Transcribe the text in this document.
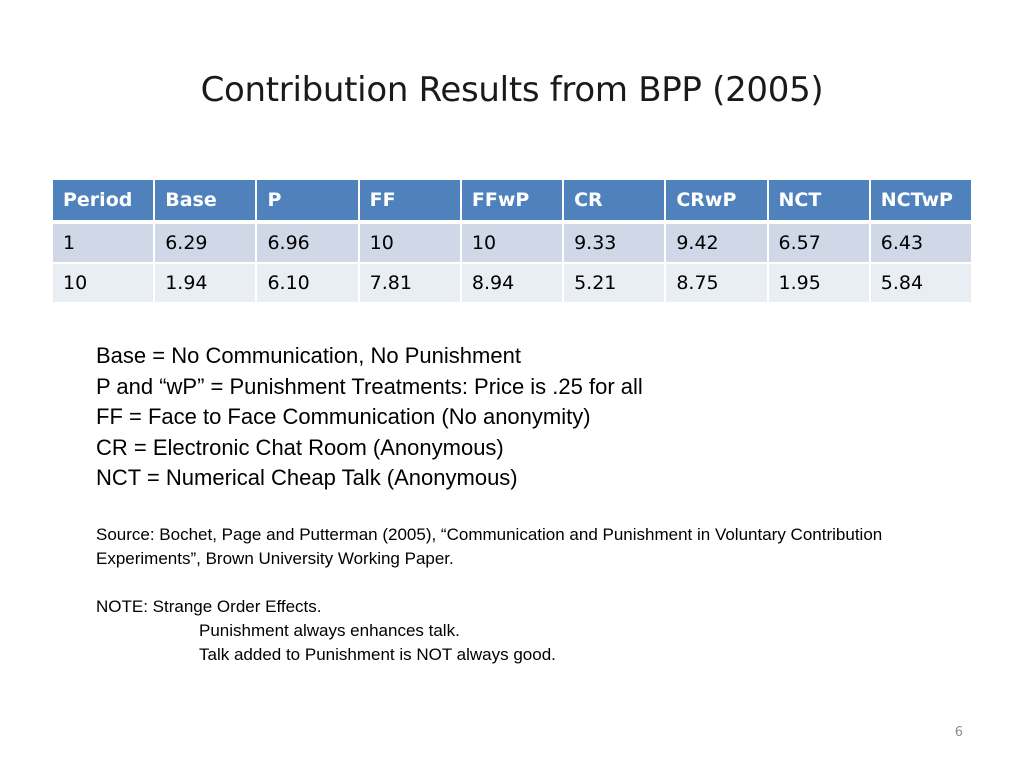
Contribution Results from BPP (2005)
Period	Base	P	FF	FFwP	CR	CRwP	NCT	NCTwP
1	6.29	6.96	10	10	9.33	9.42	6.57	6.43
10	1.94	6.10	7.81	8.94	5.21	8.75	1.95	5.84
Base = No Communication, No Punishment
P and “wP” = Punishment Treatments: Price is .25 for all
FF = Face to Face Communication (No anonymity)
CR = Electronic Chat Room (Anonymous)
NCT = Numerical Cheap Talk (Anonymous)
Source: Bochet, Page and Putterman (2005), “Communication and Punishment in Voluntary Contribution Experiments”, Brown University Working Paper.
NOTE: Strange Order Effects.
Punishment always enhances talk.
Talk added to Punishment is NOT always good.
6
